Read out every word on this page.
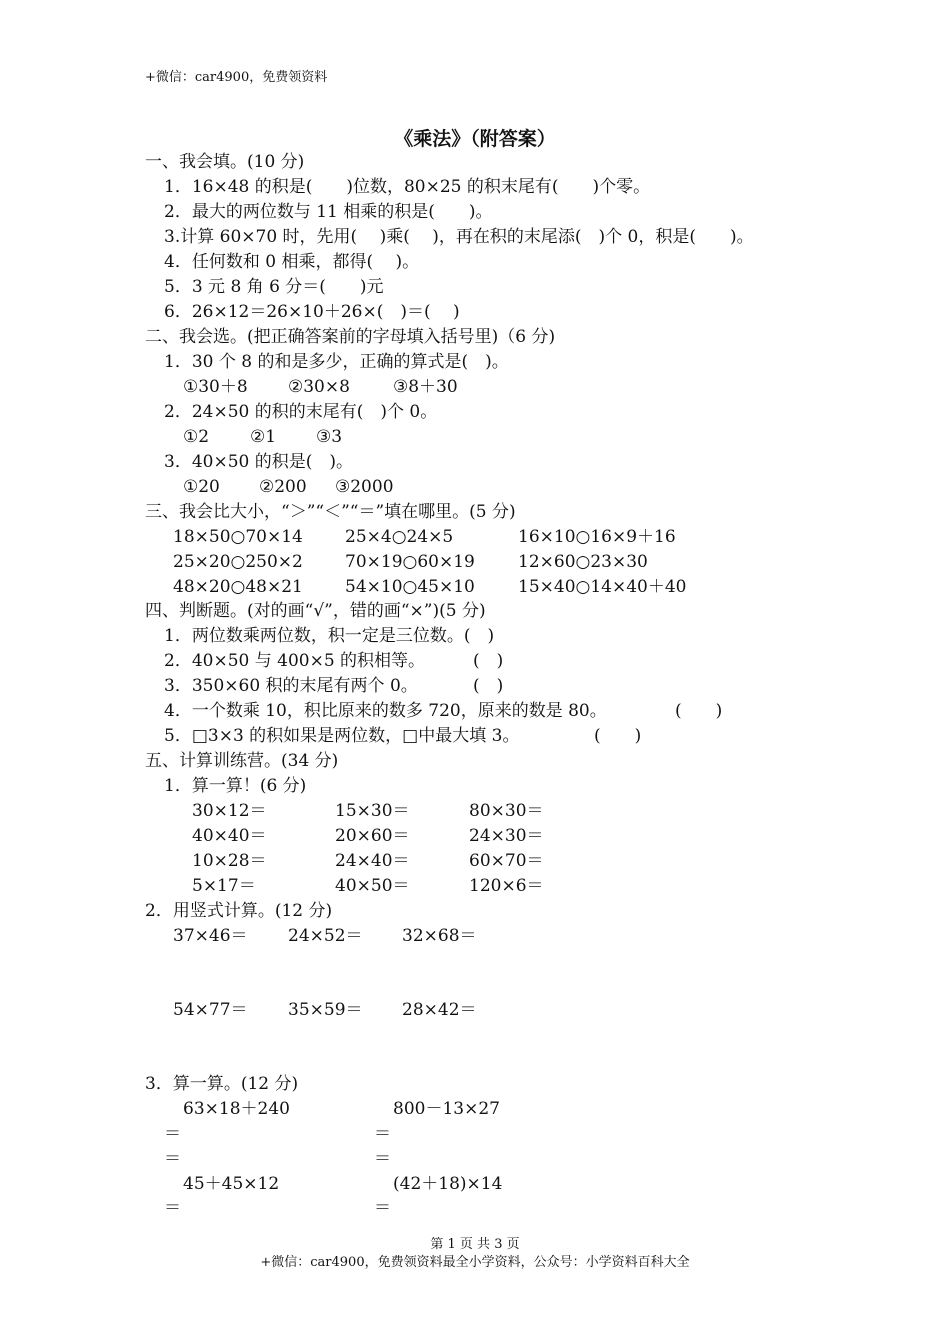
+微信：car4900，免费领资料
《乘法》（附答案）
一、我会填。(10 分)
1．16×48 的积是(　　)位数，80×25 的积末尾有(　　)个零。
2．最大的两位数与 11 相乘的积是(　　)。
3.计算 60×70 时，先用(　 )乘(　 )，再在积的末尾添(　)个 0，积是(　　)。
4．任何数和 0 相乘，都得(　 )。
5．3 元 8 角 6 分＝(　　)元
6．26×12＝26×10＋26×(　)＝(　 )
二、我会选。(把正确答案前的字母填入括号里)（6 分)
1．30 个 8 的和是多少，正确的算式是(　)。
①30＋8 ②30×8	③8＋30
2．24×50 的积的末尾有(　)个 0。
①2 ②1 ③3
3．40×50 的积是(　)。
①20 ②200 ③2000
三、我会比大小，“＞”“＜”“＝”填在哪里。(5 分)
18×50○70×14 25×4○24×5	16×10○16×9＋16
25×20○250×2 70×19○60×19	12×60○23×30
48×20○48×21 54×10○45×10	15×40○14×40＋40
四、判断题。(对的画“√”，错的画“×”)(5 分)
1．两位数乘两位数，积一定是三位数。(　)
2．40×50 与 400×5 的积相等。	(　)
3．350×60 积的末尾有两个 0。	(　)
4．一个数乘 10，积比原来的数多 720，原来的数是 80。	(　　)
5．□3×3 的积如果是两位数，□中最大填 3。	(　　)
五、计算训练营。(34 分)
1．算一算！(6 分)
30×12＝	15×30＝	80×30＝
40×40＝	20×60＝	24×30＝
10×28＝	24×40＝	60×70＝
5×17＝	40×50＝	120×6＝
2．用竖式计算。(12 分)
37×46＝ 24×52＝ 32×68＝
54×77＝ 35×59＝ 28×42＝
3．算一算。(12 分)
63×18＋240	800－13×27
＝	＝
＝	＝
45＋45×12	(42＋18)×14
＝	＝
第 1 页 共 3 页
+微信：car4900，免费领资料最全小学资料，公众号：小学资料百科大全
